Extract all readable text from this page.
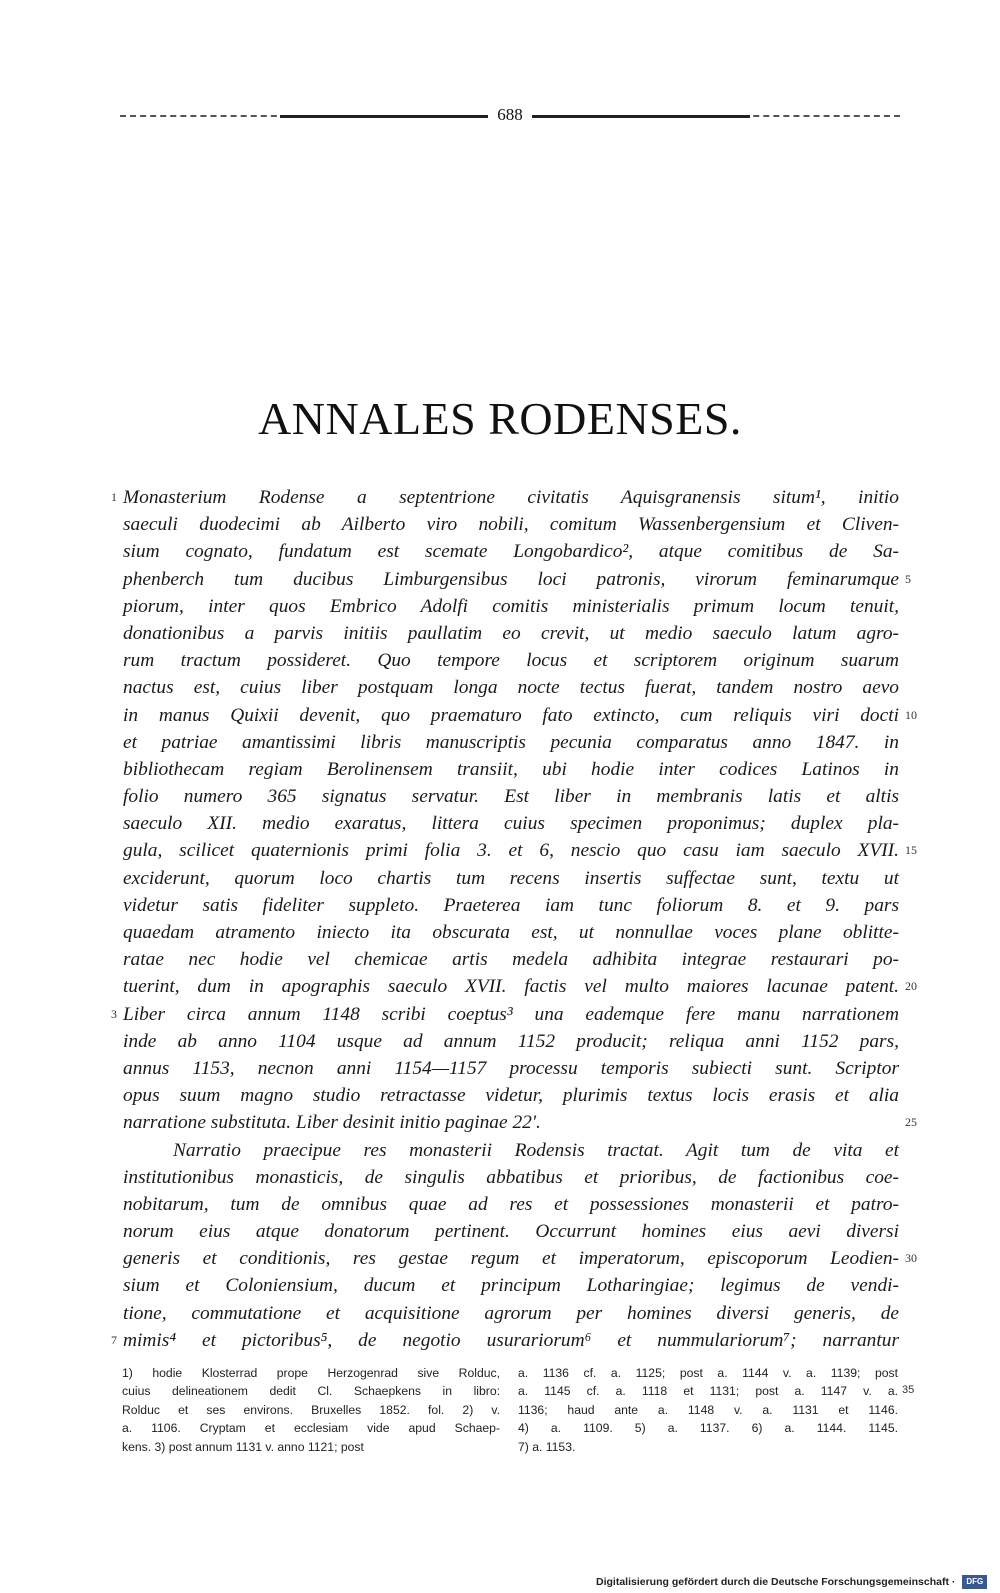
688
ANNALES RODENSES.
Monasterium Rodense a septentrione civitatis Aquisgranensis situm¹, initio
1
saeculi duodecimi ab Ailberto viro nobili, comitum Wassenbergensium et Cliven-
sium cognato, fundatum est scemate Longobardico², atque comitibus de Sa-
phenberch tum ducibus Limburgensibus loci patronis, virorum feminarumque 5
piorum, inter quos Embrico Adolfi comitis ministerialis primum locum tenuit,
donationibus a parvis initiis paullatim eo crevit, ut medio saeculo latum agro-
rum tractum possideret. Quo tempore locus et scriptorem originum suarum
nactus est, cuius liber postquam longa nocte tectus fuerat, tandem nostro aevo
in manus Quixii devenit, quo praematuro fato extincto, cum reliquis viri docti 10
et patriae amantissimi libris manuscriptis pecunia comparatus anno 1847. in
bibliothecam regiam Berolinensem transiit, ubi hodie inter codices Latinos in
folio numero 365 signatus servatur. Est liber in membranis latis et altis
saeculo XII. medio exaratus, littera cuius specimen proponimus; duplex pla-
gula, scilicet quaternionis primi folia 3. et 6, nescio quo casu iam saeculo XVII. 15
exciderunt, quorum loco chartis tum recens insertis suffectae sunt, textu ut
videtur satis fideliter suppleto. Praeterea iam tunc foliorum 8. et 9. pars
quaedam atramento iniecto ita obscurata est, ut nonnullae voces plane oblitte-
ratae nec hodie vel chemicae artis medela adhibita integrae restaurari po-
tuerint, dum in apographis saeculo XVII. factis vel multo maiores lacunae patent. 20
Liber circa annum 1148 scribi coeptus³ una eademque fere manu narrationem
3
inde ab anno 1104 usque ad annum 1152 producit; reliqua anni 1152 pars,
annus 1153, necnon anni 1154—1157 processu temporis subiecti sunt. Scriptor
opus suum magno studio retractasse videtur, plurimis textus locis erasis et alia
narratione substituta. Liber desinit initio paginae 22'.	25
Narratio praecipue res monasterii Rodensis tractat. Agit tum de vita et
institutionibus monasticis, de singulis abbatibus et prioribus, de factionibus coe-
nobitarum, tum de omnibus quae ad res et possessiones monasterii et patro-
norum eius atque donatorum pertinent. Occurrunt homines eius aevi diversi
generis et conditionis, res gestae regum et imperatorum, episcoporum Leodien- 30
sium et Coloniensium, ducum et principum Lotharingiae; legimus de vendi-
tione, commutatione et acquisitione agrorum per homines diversi generis, de
mimis⁴ et pictoribus⁵, de negotio usurariorum⁶ et nummulariorum⁷; narrantur
7
1) hodie Klosterrad prope Herzogenrad sive Rolduc,
cuius delineationem dedit Cl. Schaepkens in libro:
Rolduc et ses environs. Bruxelles 1852. fol. 2) v.
a. 1106. Cryptam et ecclesiam vide apud Schaep-
kens. 3) post annum 1131 v. anno 1121; post
a. 1136 cf. a. 1125; post a. 1144 v. a. 1139; post
a. 1145 cf. a. 1118 et 1131; post a. 1147 v. a.
1136; haud ante a. 1148 v. a. 1131 et 1146.
4) a. 1109. 5) a. 1137. 6) a. 1144. 1145.
7) a. 1153.
35
Digitalisierung gefördert durch die Deutsche Forschungsgemeinschaft · DFG
